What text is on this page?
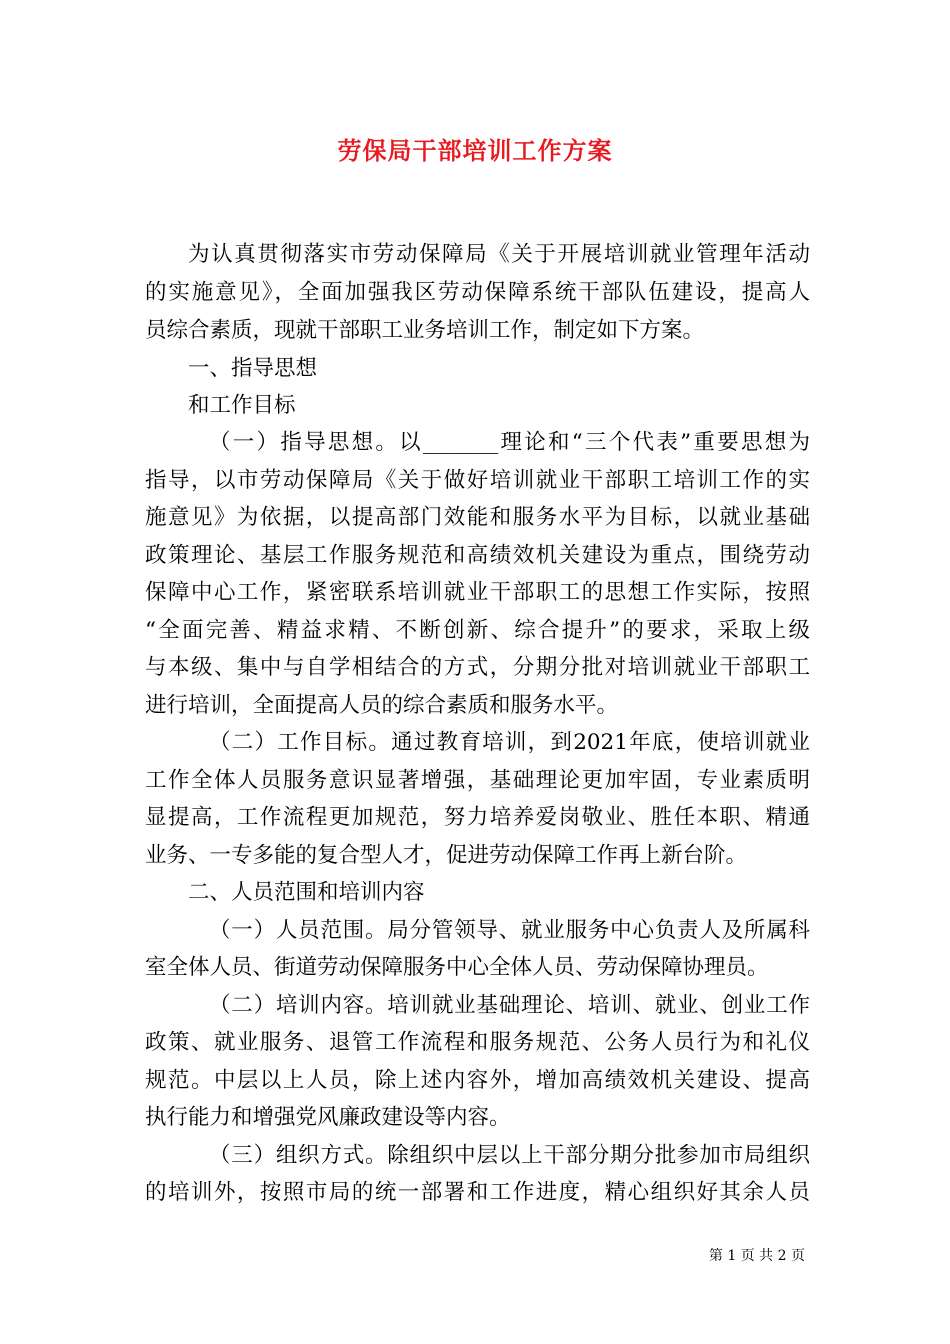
劳保局干部培训工作方案
为认真贯彻落实市劳动保障局《关于开展培训就业管理年活动
的实施意见》，全面加强我区劳动保障系统干部队伍建设，提高人
员综合素质，现就干部职工业务培训工作，制定如下方案。
一、指导思想
和工作目标
（一）指导思想。以_______理论和“三个代表”重要思想为
指导，以市劳动保障局《关于做好培训就业干部职工培训工作的实
施意见》为依据，以提高部门效能和服务水平为目标，以就业基础
政策理论、基层工作服务规范和高绩效机关建设为重点，围绕劳动
保障中心工作，紧密联系培训就业干部职工的思想工作实际，按照
“全面完善、精益求精、不断创新、综合提升”的要求，采取上级
与本级、集中与自学相结合的方式，分期分批对培训就业干部职工
进行培训，全面提高人员的综合素质和服务水平。
（二）工作目标。通过教育培训，到2021年底，使培训就业
工作全体人员服务意识显著增强，基础理论更加牢固，专业素质明
显提高，工作流程更加规范，努力培养爱岗敬业、胜任本职、精通
业务、一专多能的复合型人才，促进劳动保障工作再上新台阶。
二、人员范围和培训内容
（一）人员范围。局分管领导、就业服务中心负责人及所属科
室全体人员、街道劳动保障服务中心全体人员、劳动保障协理员。
（二）培训内容。培训就业基础理论、培训、就业、创业工作
政策、就业服务、退管工作流程和服务规范、公务人员行为和礼仪
规范。中层以上人员，除上述内容外，增加高绩效机关建设、提高
执行能力和增强党风廉政建设等内容。
（三）组织方式。除组织中层以上干部分期分批参加市局组织
的培训外，按照市局的统一部署和工作进度，精心组织好其余人员
第 1 页 共 2 页
